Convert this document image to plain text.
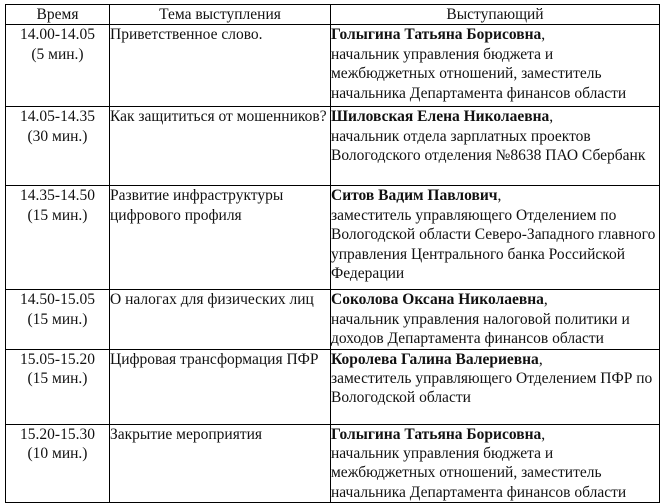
Время	Тема выступления	Выступающий

14.00-14.05
(5 мин.)	Приветственное слово.	Голыгина Татьяна Борисовна,
начальник управления бюджета и межбюджетных отношений, заместитель начальника Департамента финансов области

14.05-14.35
(30 мин.)	Как защититься от мошенников?	Шиловская Елена Николаевна,
начальник отдела зарплатных проектов Вологодского отделения №8638 ПАО Сбербанк

14.35-14.50
(15 мин.)	Развитие инфраструктуры цифрового профиля	Ситов Вадим Павлович,
заместитель управляющего Отделением по Вологодской области Северо-Западного главного управления Центрального банка Российской Федерации

14.50-15.05
(15 мин.)	О налогах для физических лиц	Соколова Оксана Николаевна,
начальник управления налоговой политики и доходов Департамента финансов области

15.05-15.20
(15 мин.)	Цифровая трансформация ПФР	Королева Галина Валериевна,
заместитель управляющего Отделением ПФР по Вологодской области

15.20-15.30
(10 мин.)	Закрытие мероприятия	Голыгина Татьяна Борисовна,
начальник управления бюджета и межбюджетных отношений, заместитель начальника Департамента финансов области
